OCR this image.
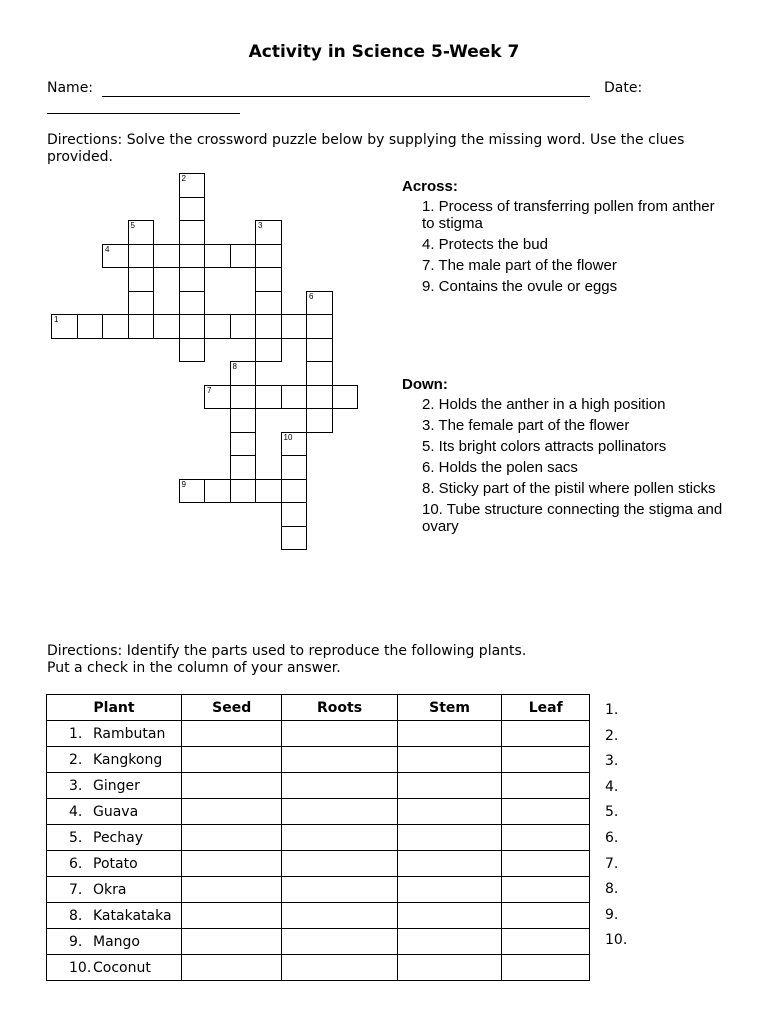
Activity in Science 5-Week 7
Name:	Date:
Directions: Solve the crossword puzzle below by supplying the missing word. Use the clues provided.
1
2
3
4
5
6
7
8
9
10
Across:
1. Process of transferring pollen from anther to stigma
4. Protects the bud
7. The male part of the flower
9. Contains the ovule or eggs
Down:
2. Holds the anther in a high position
3. The female part of the flower
5. Its bright colors attracts pollinators
6. Holds the polen sacs
8. Sticky part of the pistil where pollen sticks
10. Tube structure connecting the stigma and ovary
Directions: Identify the parts used to reproduce the following plants. Put a check in the column of your answer.
Plant	Seed	Roots	Stem	Leaf
1. Rambutan				
2. Kangkong				
3. Ginger				
4. Guava				
5. Pechay				
6. Potato				
7. Okra				
8. Katakataka				
9. Mango				
10. Coconut				
1.
2.
3.
4.
5.
6.
7.
8.
9.
10.
